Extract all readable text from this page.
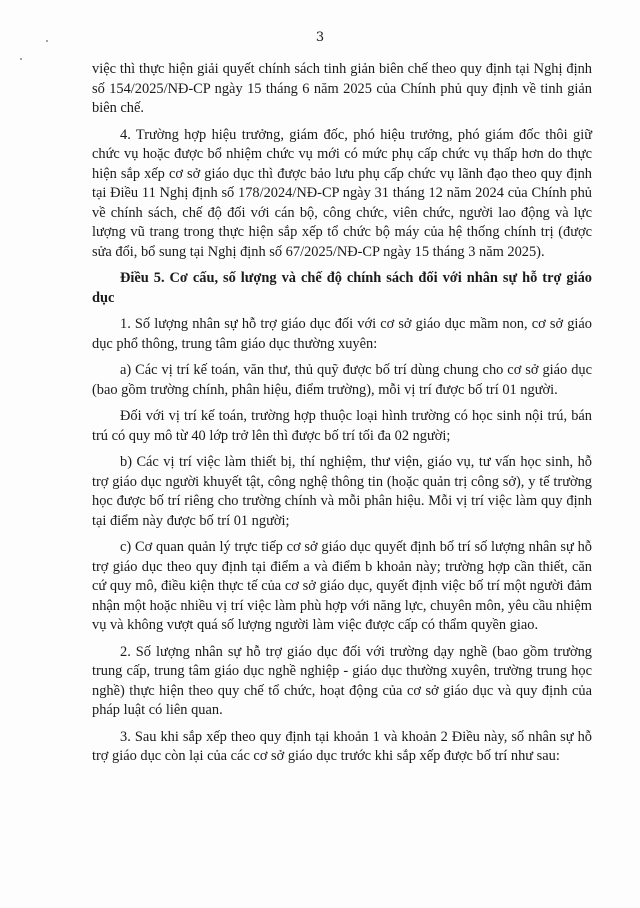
3

việc thì thực hiện giải quyết chính sách tinh giản biên chế theo quy định tại Nghị định số 154/2025/NĐ-CP ngày 15 tháng 6 năm 2025 của Chính phủ quy định về tinh giản biên chế.

4. Trường hợp hiệu trưởng, giám đốc, phó hiệu trưởng, phó giám đốc thôi giữ chức vụ hoặc được bổ nhiệm chức vụ mới có mức phụ cấp chức vụ thấp hơn do thực hiện sắp xếp cơ sở giáo dục thì được bảo lưu phụ cấp chức vụ lãnh đạo theo quy định tại Điều 11 Nghị định số 178/2024/NĐ-CP ngày 31 tháng 12 năm 2024 của Chính phủ về chính sách, chế độ đối với cán bộ, công chức, viên chức, người lao động và lực lượng vũ trang trong thực hiện sắp xếp tổ chức bộ máy của hệ thống chính trị (được sửa đổi, bổ sung tại Nghị định số 67/2025/NĐ-CP ngày 15 tháng 3 năm 2025).

Điều 5. Cơ cấu, số lượng và chế độ chính sách đối với nhân sự hỗ trợ giáo dục

1. Số lượng nhân sự hỗ trợ giáo dục đối với cơ sở giáo dục mầm non, cơ sở giáo dục phổ thông, trung tâm giáo dục thường xuyên:

a) Các vị trí kế toán, văn thư, thủ quỹ được bố trí dùng chung cho cơ sở giáo dục (bao gồm trường chính, phân hiệu, điểm trường), mỗi vị trí được bố trí 01 người.

Đối với vị trí kế toán, trường hợp thuộc loại hình trường có học sinh nội trú, bán trú có quy mô từ 40 lớp trở lên thì được bố trí tối đa 02 người;

b) Các vị trí việc làm thiết bị, thí nghiệm, thư viện, giáo vụ, tư vấn học sinh, hỗ trợ giáo dục người khuyết tật, công nghệ thông tin (hoặc quản trị công sở), y tế trường học được bố trí riêng cho trường chính và mỗi phân hiệu. Mỗi vị trí việc làm quy định tại điểm này được bố trí 01 người;

c) Cơ quan quản lý trực tiếp cơ sở giáo dục quyết định bố trí số lượng nhân sự hỗ trợ giáo dục theo quy định tại điểm a và điểm b khoản này; trường hợp cần thiết, căn cứ quy mô, điều kiện thực tế của cơ sở giáo dục, quyết định việc bố trí một người đảm nhận một hoặc nhiều vị trí việc làm phù hợp với năng lực, chuyên môn, yêu cầu nhiệm vụ và không vượt quá số lượng người làm việc được cấp có thẩm quyền giao.

2. Số lượng nhân sự hỗ trợ giáo dục đối với trường dạy nghề (bao gồm trường trung cấp, trung tâm giáo dục nghề nghiệp - giáo dục thường xuyên, trường trung học nghề) thực hiện theo quy chế tổ chức, hoạt động của cơ sở giáo dục và quy định của pháp luật có liên quan.

3. Sau khi sắp xếp theo quy định tại khoản 1 và khoản 2 Điều này, số nhân sự hỗ trợ giáo dục còn lại của các cơ sở giáo dục trước khi sắp xếp được bố trí như sau:
